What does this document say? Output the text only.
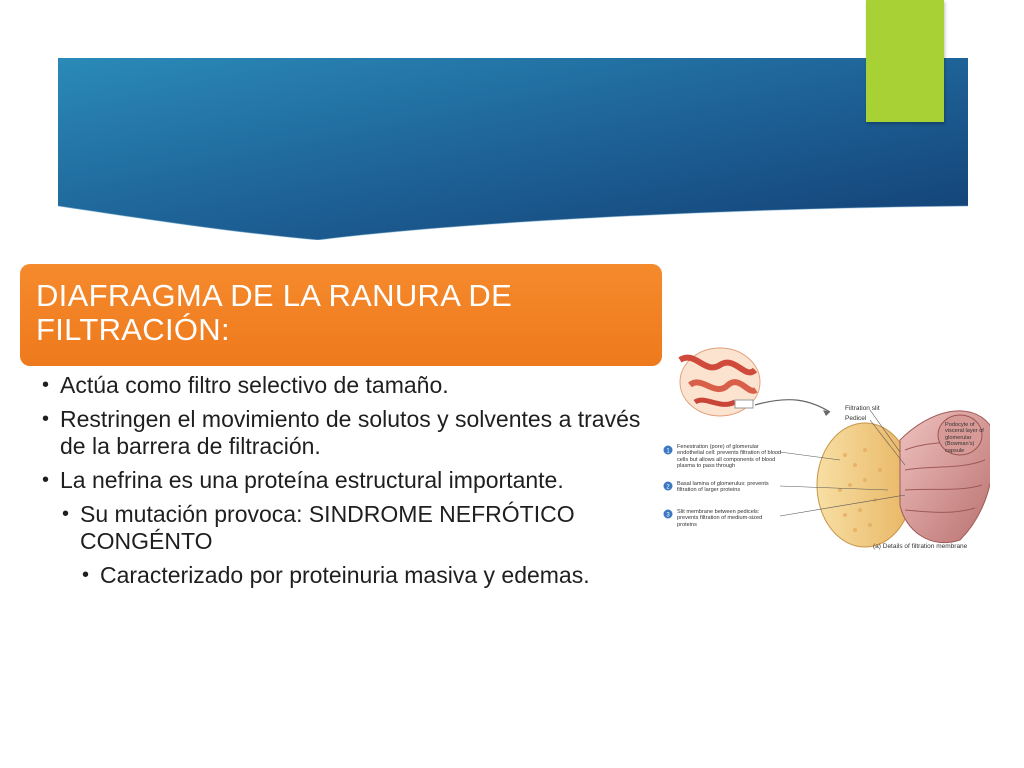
DIAFRAGMA DE LA RANURA DE FILTRACIÓN:
• Actúa como filtro selectivo de tamaño.
• Restringen el movimiento de solutos y solventes a través de la barrera de filtración.
• La nefrina es una proteína estructural importante.
• Su mutación provoca: SINDROME NEFRÓTICO CONGÉNTO
• Caracterizado por proteinuria masiva y edemas.
1
2
3
Fenestration (pore) of glomerular endothelial cell: prevents filtration of blood cells but allows all components of blood plasma to pass through
Basal lamina of glomerulus: prevents filtration of larger proteins
Slit membrane between pedicels: prevents filtration of medium-sized proteins
Filtration slit
Pedicel
Podocyte of visceral layer of glomerular (Bowman's) capsule
(a) Details of filtration membrane
